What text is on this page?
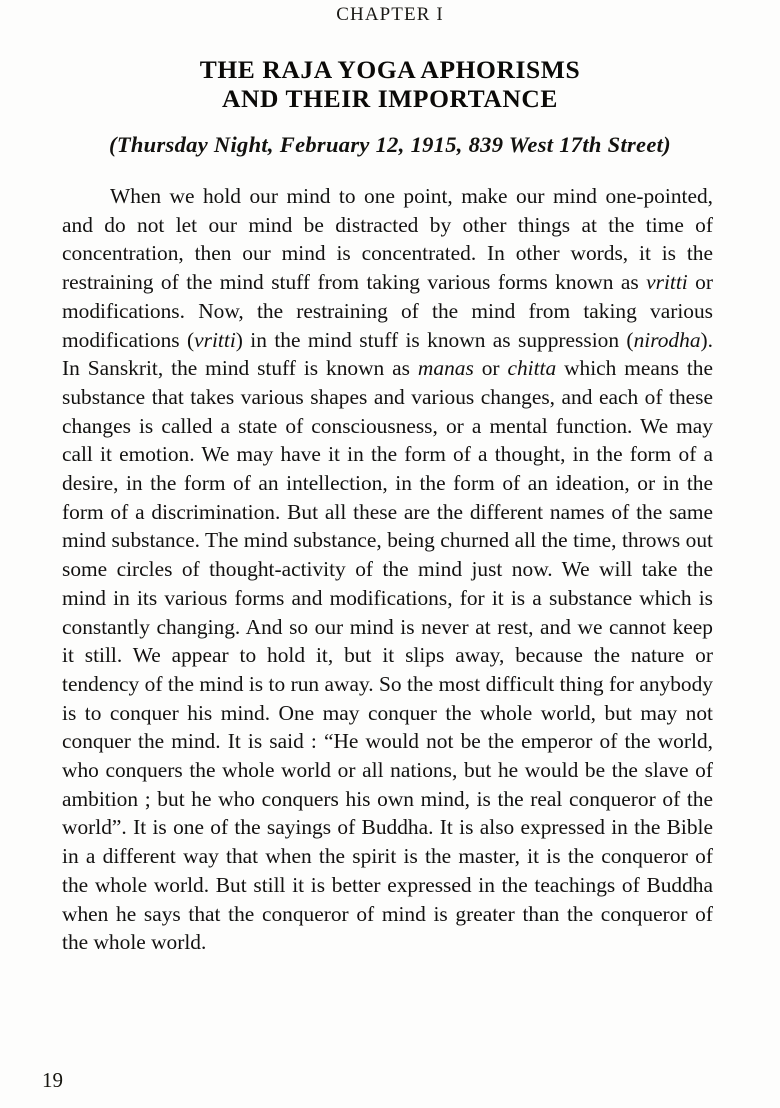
CHAPTER I
THE RAJA YOGA APHORISMS
AND THEIR IMPORTANCE
(Thursday Night, February 12, 1915, 839 West 17th Street)
When we hold our mind to one point, make our mind one-pointed, and do not let our mind be distracted by other things at the time of concentration, then our mind is concentrated. In other words, it is the restraining of the mind stuff from taking various forms known as vritti or modifications. Now, the restraining of the mind from taking various modifications (vritti) in the mind stuff is known as suppression (nirodha). In Sanskrit, the mind stuff is known as manas or chitta which means the substance that takes various shapes and various changes, and each of these changes is called a state of consciousness, or a mental function. We may call it emotion. We may have it in the form of a thought, in the form of a desire, in the form of an intellection, in the form of an ideation, or in the form of a discrimination. But all these are the different names of the same mind substance. The mind substance, being churned all the time, throws out some circles of thought-activity of the mind just now. We will take the mind in its various forms and modifications, for it is a substance which is constantly changing. And so our mind is never at rest, and we cannot keep it still. We appear to hold it, but it slips away, because the nature or tendency of the mind is to run away. So the most difficult thing for anybody is to conquer his mind. One may conquer the whole world, but may not conquer the mind. It is said : “He would not be the emperor of the world, who conquers the whole world or all nations, but he would be the slave of ambition ; but he who conquers his own mind, is the real conqueror of the world”. It is one of the sayings of Buddha. It is also expressed in the Bible in a different way that when the spirit is the master, it is the conqueror of the whole world. But still it is better expressed in the teachings of Buddha when he says that the conqueror of mind is greater than the conqueror of the whole world.
19
